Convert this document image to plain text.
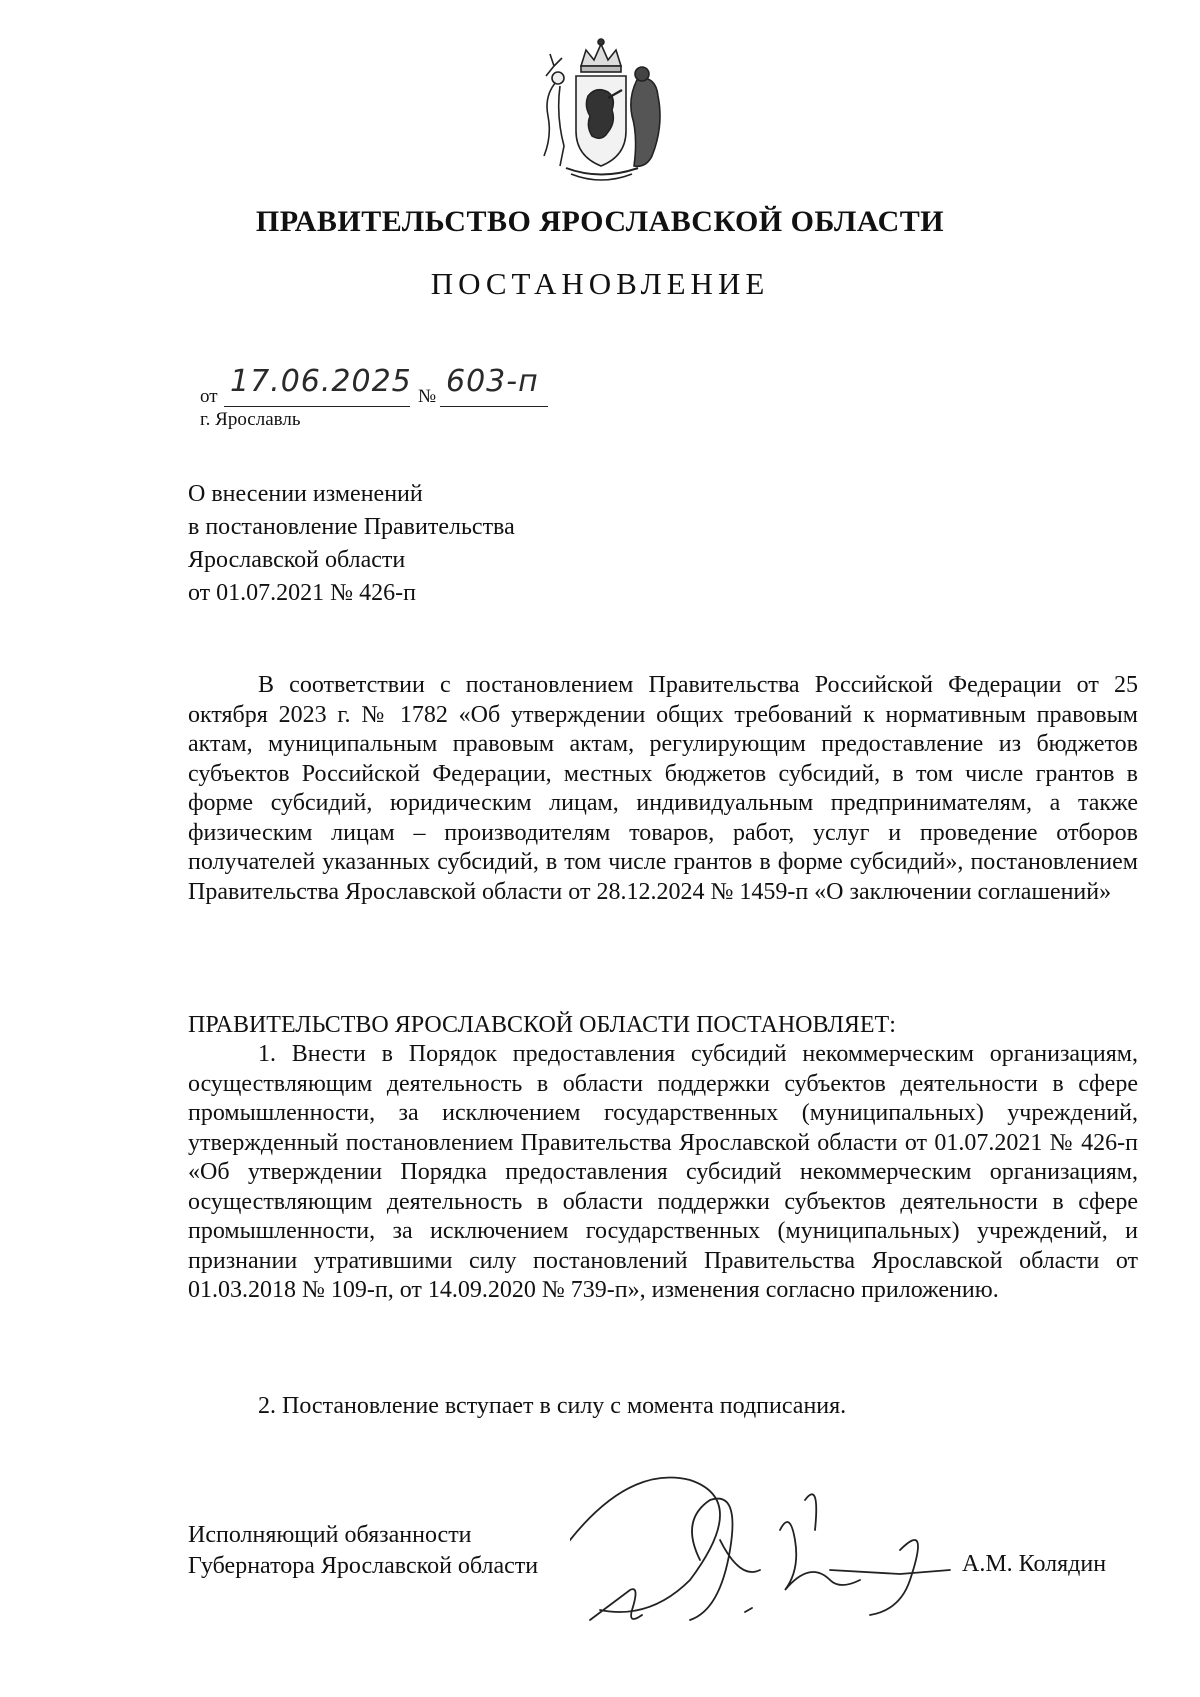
ПРАВИТЕЛЬСТВО ЯРОСЛАВСКОЙ ОБЛАСТИ
ПОСТАНОВЛЕНИЕ
от 17.06.2025 № 603-п
г. Ярославль
О внесении изменений
в постановление Правительства
Ярославской области
от 01.07.2021 № 426-п
В соответствии с постановлением Правительства Российской Федерации от 25 октября 2023 г. № 1782 «Об утверждении общих требований к нормативным правовым актам, муниципальным правовым актам, регулирующим предоставление из бюджетов субъектов Российской Федерации, местных бюджетов субсидий, в том числе грантов в форме субсидий, юридическим лицам, индивидуальным предпринимателям, а также физическим лицам – производителям товаров, работ, услуг и проведение отборов получателей указанных субсидий, в том числе грантов в форме субсидий», постановлением Правительства Ярославской области от 28.12.2024 № 1459-п «О заключении соглашений»
ПРАВИТЕЛЬСТВО ЯРОСЛАВСКОЙ ОБЛАСТИ ПОСТАНОВЛЯЕТ:
1. Внести в Порядок предоставления субсидий некоммерческим организациям, осуществляющим деятельность в области поддержки субъектов деятельности в сфере промышленности, за исключением государственных (муниципальных) учреждений, утвержденный постановлением Правительства Ярославской области от 01.07.2021 № 426-п «Об утверждении Порядка предоставления субсидий некоммерческим организациям, осуществляющим деятельность в области поддержки субъектов деятельности в сфере промышленности, за исключением государственных (муниципальных) учреждений, и признании утратившими силу постановлений Правительства Ярославской области от 01.03.2018 № 109-п, от 14.09.2020 № 739-п», изменения согласно приложению.
2. Постановление вступает в силу с момента подписания.
Исполняющий обязанности
Губернатора Ярославской области	А.М. Колядин
